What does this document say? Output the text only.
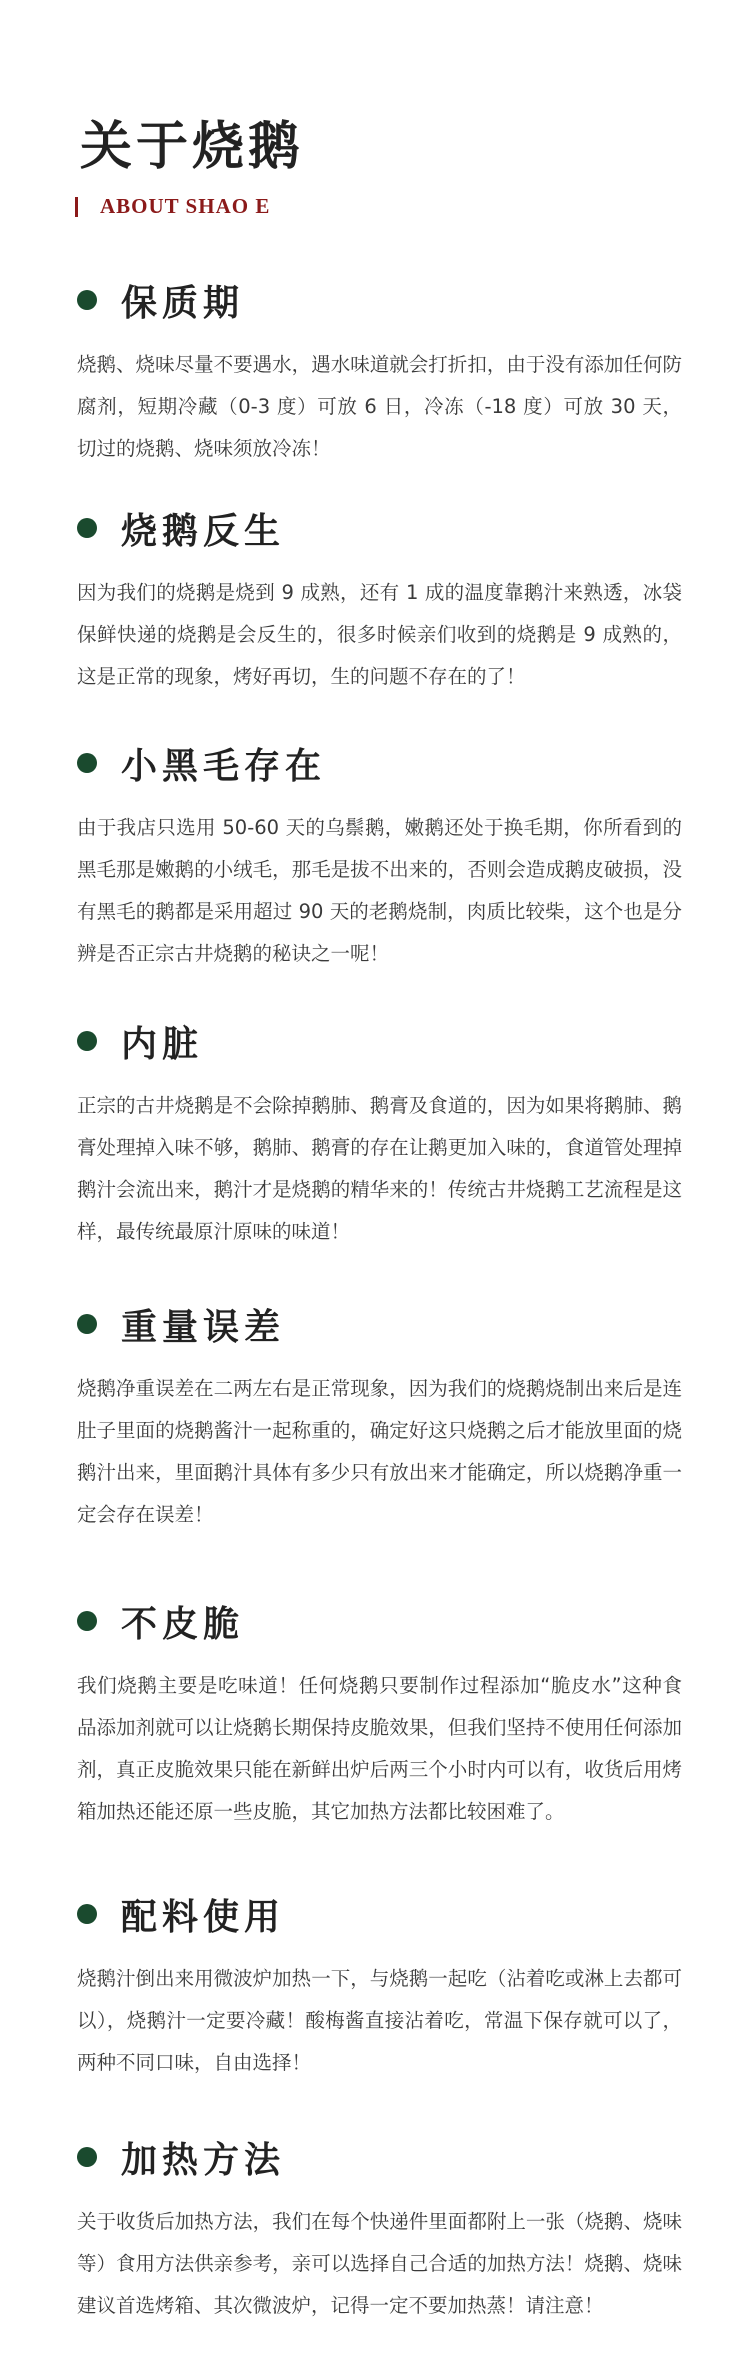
关于烧鹅
ABOUT SHAO E
保质期

烧鹅、烧味尽量不要遇水，遇水味道就会打折扣，由于没有添加任何防腐剂，短期冷藏（0-3 度）可放 6 日，冷冻（-18 度）可放 30 天，切过的烧鹅、烧味须放冷冻！

烧鹅反生

因为我们的烧鹅是烧到 9 成熟，还有 1 成的温度靠鹅汁来熟透，冰袋保鲜快递的烧鹅是会反生的，很多时候亲们收到的烧鹅是 9 成熟的，这是正常的现象，烤好再切，生的问题不存在的了！

小黑毛存在

由于我店只选用 50-60 天的乌鬃鹅，嫩鹅还处于换毛期，你所看到的黑毛那是嫩鹅的小绒毛，那毛是拔不出来的，否则会造成鹅皮破损，没有黑毛的鹅都是采用超过 90 天的老鹅烧制，肉质比较柴，这个也是分辨是否正宗古井烧鹅的秘诀之一呢！

内脏

正宗的古井烧鹅是不会除掉鹅肺、鹅膏及食道的，因为如果将鹅肺、鹅膏处理掉入味不够，鹅肺、鹅膏的存在让鹅更加入味的，食道管处理掉鹅汁会流出来，鹅汁才是烧鹅的精华来的！传统古井烧鹅工艺流程是这样，最传统最原汁原味的味道！

重量误差

烧鹅净重误差在二两左右是正常现象，因为我们的烧鹅烧制出来后是连肚子里面的烧鹅酱汁一起称重的，确定好这只烧鹅之后才能放里面的烧鹅汁出来，里面鹅汁具体有多少只有放出来才能确定，所以烧鹅净重一定会存在误差！

不皮脆

我们烧鹅主要是吃味道！任何烧鹅只要制作过程添加“脆皮水”这种食品添加剂就可以让烧鹅长期保持皮脆效果，但我们坚持不使用任何添加剂，真正皮脆效果只能在新鲜出炉后两三个小时内可以有，收货后用烤箱加热还能还原一些皮脆，其它加热方法都比较困难了。

配料使用

烧鹅汁倒出来用微波炉加热一下，与烧鹅一起吃（沾着吃或淋上去都可以），烧鹅汁一定要冷藏！酸梅酱直接沾着吃，常温下保存就可以了，两种不同口味，自由选择！

加热方法

关于收货后加热方法，我们在每个快递件里面都附上一张（烧鹅、烧味等）食用方法供亲参考，亲可以选择自己合适的加热方法！烧鹅、烧味建议首选烤箱、其次微波炉，记得一定不要加热蒸！请注意！
